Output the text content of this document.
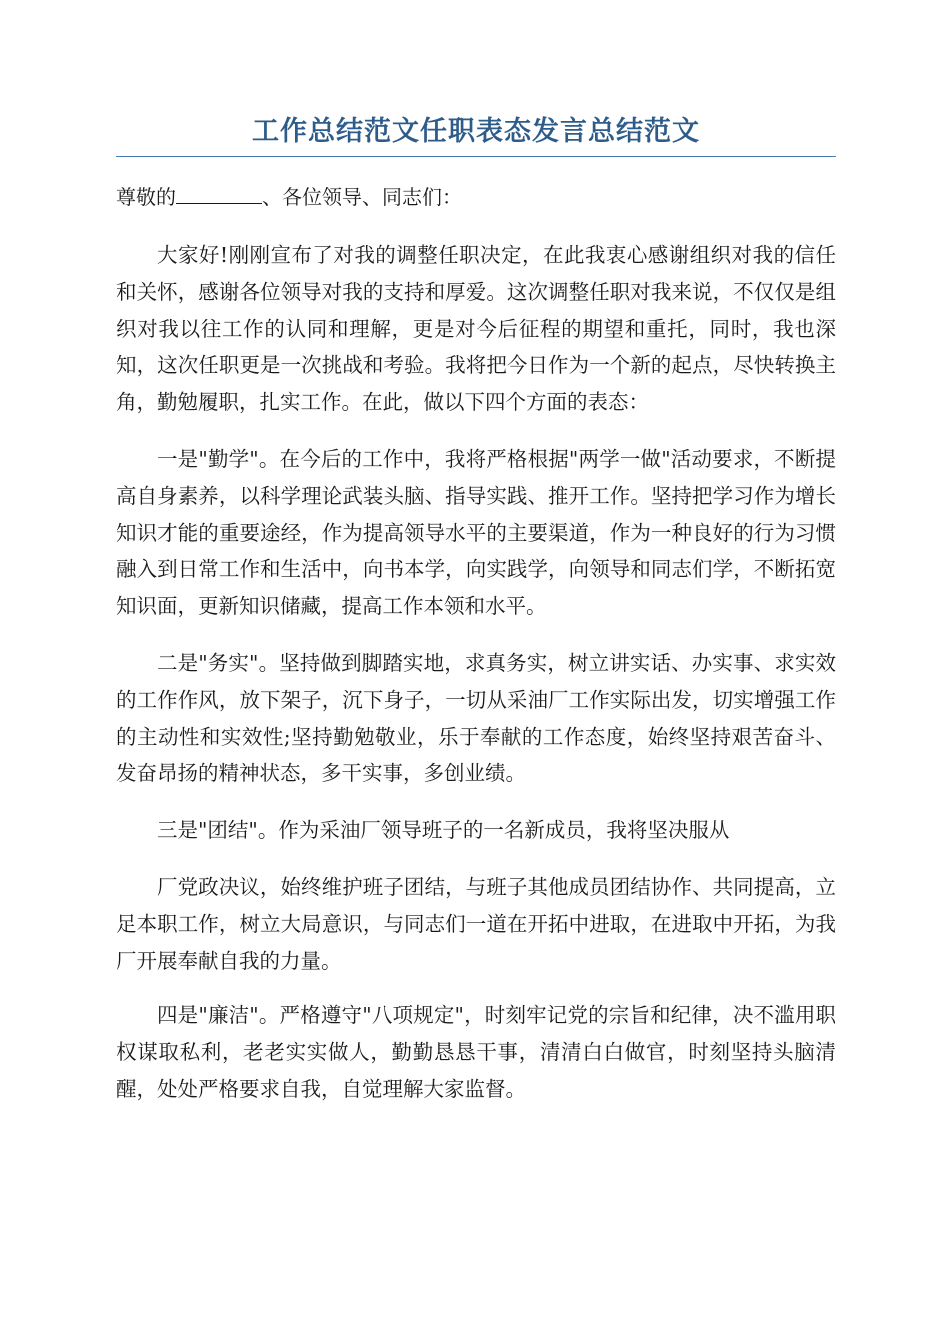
工作总结范文任职表态发言总结范文
尊敬的	、各位领导、同志们：

大家好!刚刚宣布了对我的调整任职决定，在此我衷心感谢组织对我的信任和关怀，感谢各位领导对我的支持和厚爱。这次调整任职对我来说，不仅仅是组织对我以往工作的认同和理解，更是对今后征程的期望和重托，同时，我也深知，这次任职更是一次挑战和考验。我将把今日作为一个新的起点，尽快转换主角，勤勉履职，扎实工作。在此，做以下四个方面的表态：

一是"勤学"。在今后的工作中，我将严格根据"两学一做"活动要求，不断提高自身素养，以科学理论武装头脑、指导实践、推开工作。坚持把学习作为增长知识才能的重要途经，作为提高领导水平的主要渠道，作为一种良好的行为习惯融入到日常工作和生活中，向书本学，向实践学，向领导和同志们学，不断拓宽知识面，更新知识储藏，提高工作本领和水平。

二是"务实"。坚持做到脚踏实地，求真务实，树立讲实话、办实事、求实效的工作作风，放下架子，沉下身子，一切从采油厂工作实际出发，切实增强工作的主动性和实效性;坚持勤勉敬业，乐于奉献的工作态度，始终坚持艰苦奋斗、发奋昂扬的精神状态，多干实事，多创业绩。

三是"团结"。作为采油厂领导班子的一名新成员，我将坚决服从

厂党政决议，始终维护班子团结，与班子其他成员团结协作、共同提高，立足本职工作，树立大局意识，与同志们一道在开拓中进取，在进取中开拓，为我厂开展奉献自我的力量。

四是"廉洁"。严格遵守"八项规定"，时刻牢记党的宗旨和纪律，决不滥用职权谋取私利，老老实实做人，勤勤恳恳干事，清清白白做官，时刻坚持头脑清醒，处处严格要求自我，自觉理解大家监督。
